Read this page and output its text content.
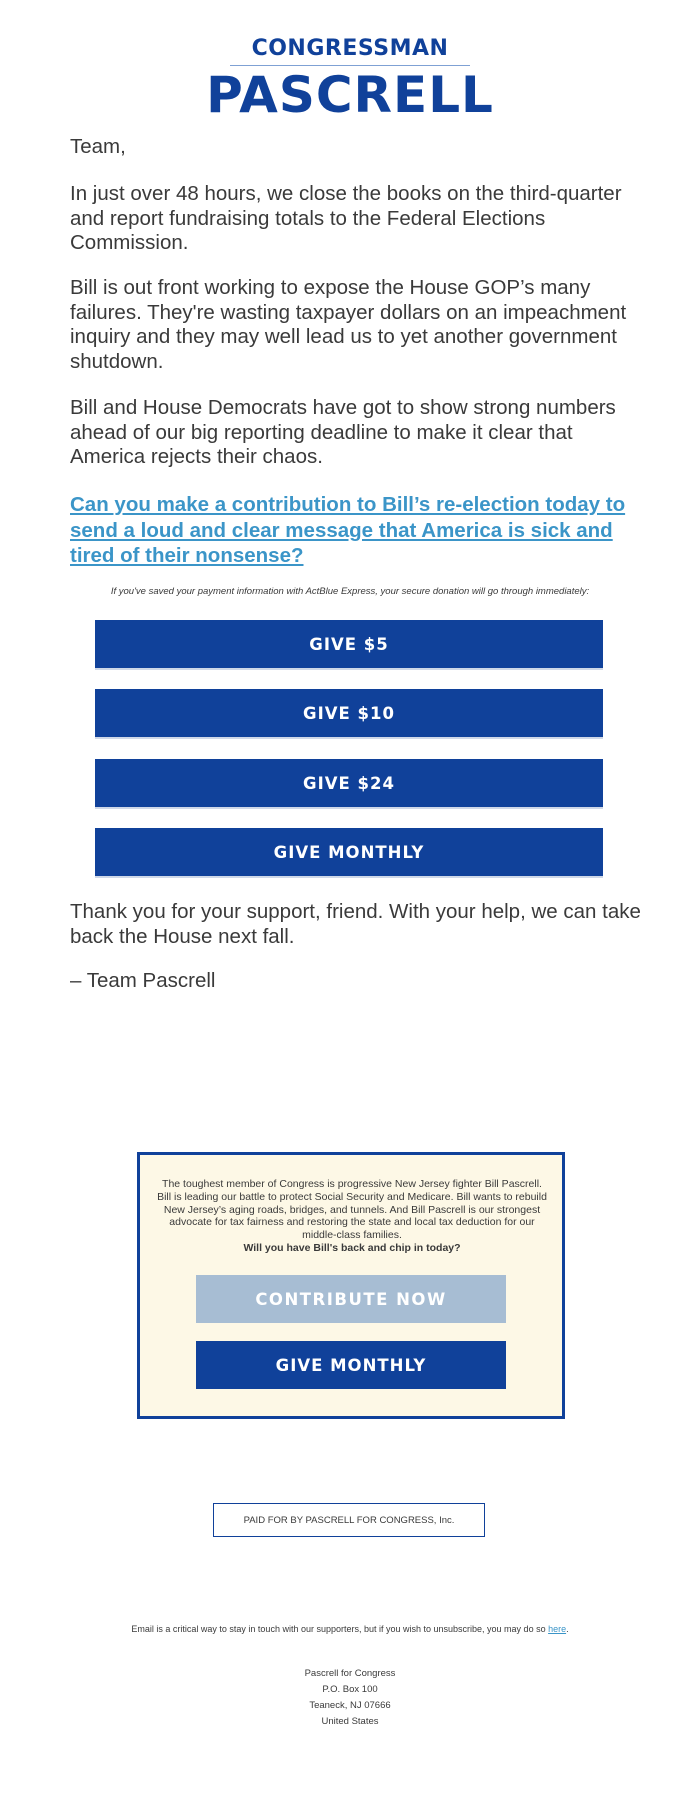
CONGRESSMAN
PASCRELL

Team,

In just over 48 hours, we close the books on the third-quarter and report fundraising totals to the Federal Elections Commission.

Bill is out front working to expose the House GOP’s many failures. They're wasting taxpayer dollars on an impeachment inquiry and they may well lead us to yet another government shutdown.

Bill and House Democrats have got to show strong numbers ahead of our big reporting deadline to make it clear that America rejects their chaos.

Thank you for your support, friend. With your help, we can take back the House next fall.

– Team Pascrell

Can you make a contribution to Bill’s re-election today to send a loud and clear message that America is sick and tired of their nonsense?
If you've saved your payment information with ActBlue Express, your secure donation will go through immediately:
GIVE $5
GIVE $10
GIVE $24
GIVE MONTHLY
The toughest member of Congress is progressive New Jersey fighter Bill Pascrell. Bill is leading our battle to protect Social Security and Medicare. Bill wants to rebuild New Jersey’s aging roads, bridges, and tunnels. And Bill Pascrell is our strongest advocate for tax fairness and restoring the state and local tax deduction for our middle-class families.
Will you have Bill's back and chip in today?
CONTRIBUTE NOW
GIVE MONTHLY
PAID FOR BY PASCRELL FOR CONGRESS, Inc.
Email is a critical way to stay in touch with our supporters, but if you wish to unsubscribe, you may do so here.
Pascrell for Congress
P.O. Box 100
Teaneck, NJ 07666
United States
